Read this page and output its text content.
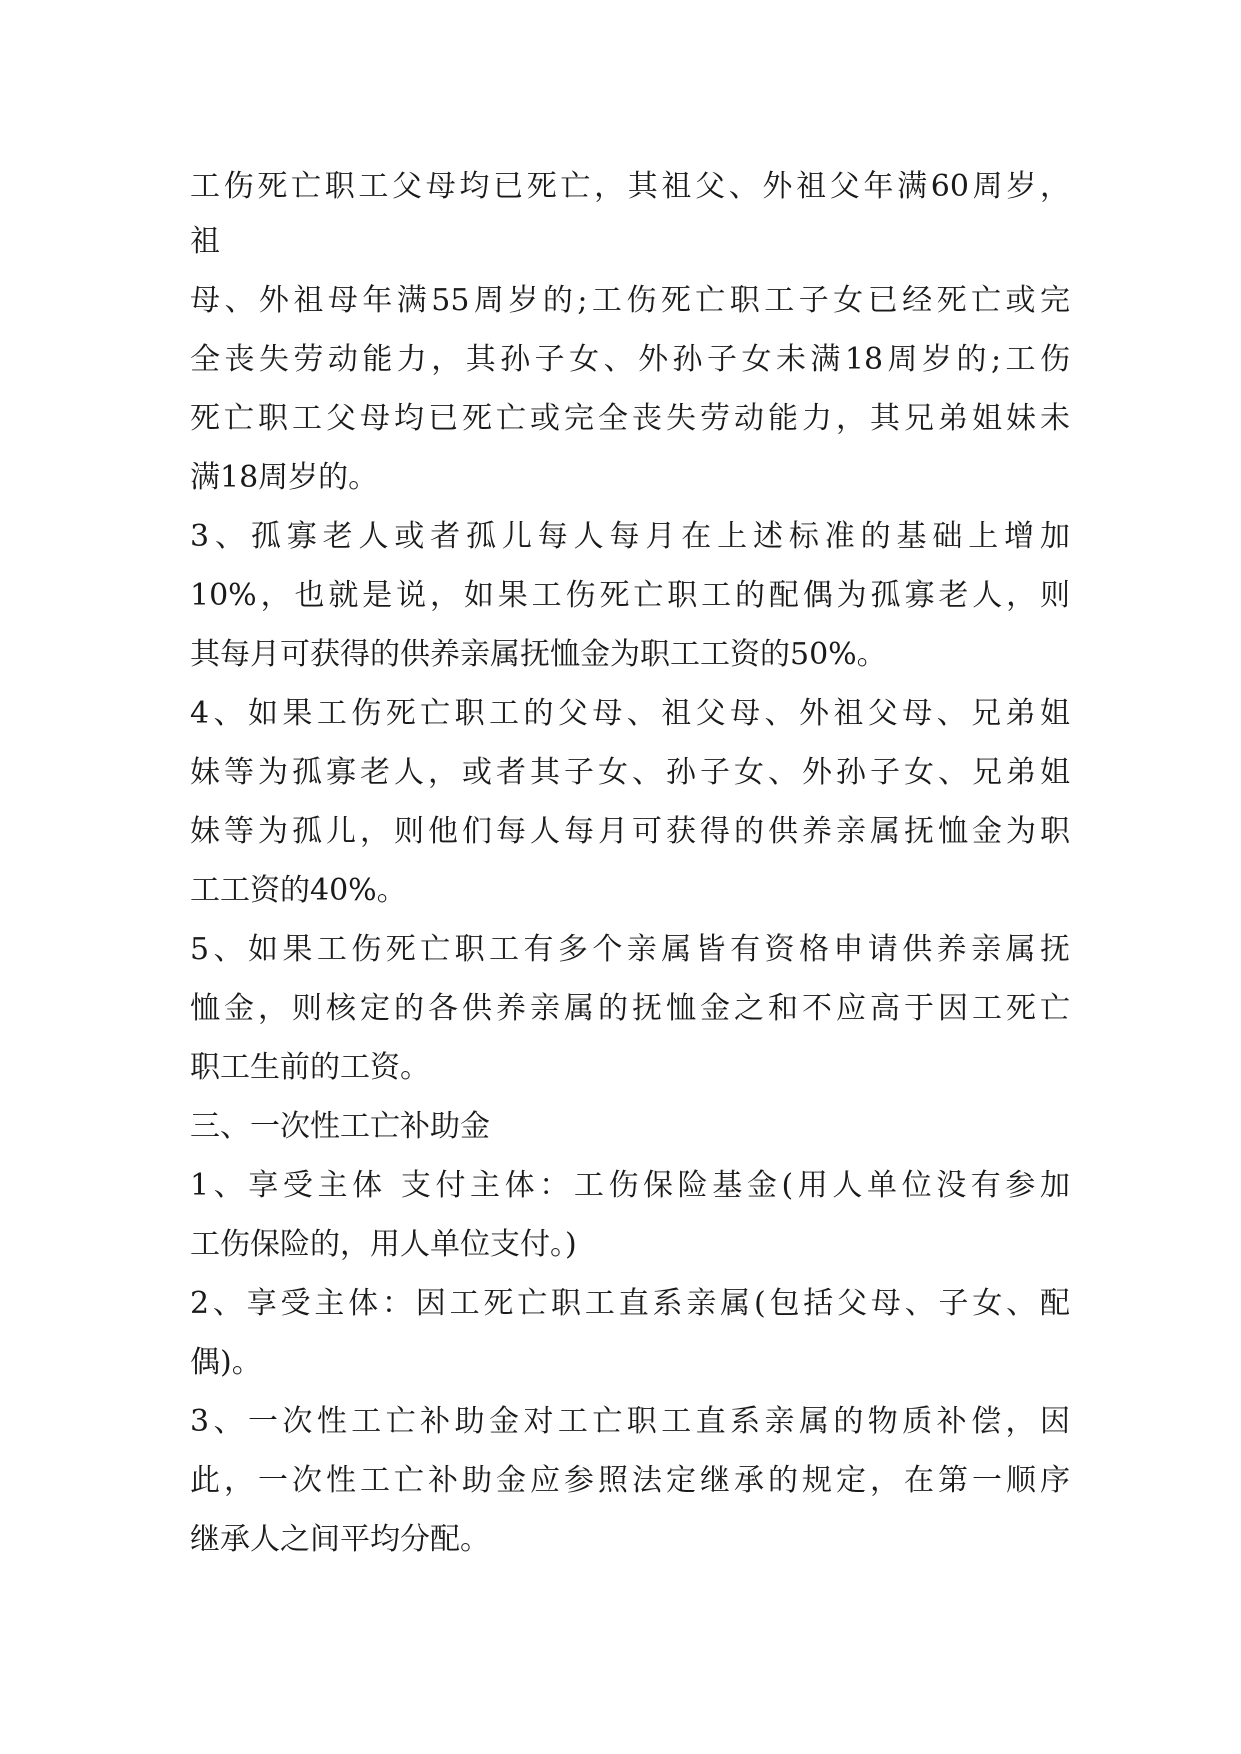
工伤死亡职工父母均已死亡，其祖父、外祖父年满60周岁，
祖
母、外祖母年满55周岁的;工伤死亡职工子女已经死亡或完
全丧失劳动能力，其孙子女、外孙子女未满18周岁的;工伤
死亡职工父母均已死亡或完全丧失劳动能力，其兄弟姐妹未
满18周岁的。
3、孤寡老人或者孤儿每人每月在上述标准的基础上增加
10%，也就是说，如果工伤死亡职工的配偶为孤寡老人，则
其每月可获得的供养亲属抚恤金为职工工资的50%。
4、如果工伤死亡职工的父母、祖父母、外祖父母、兄弟姐
妹等为孤寡老人，或者其子女、孙子女、外孙子女、兄弟姐
妹等为孤儿，则他们每人每月可获得的供养亲属抚恤金为职
工工资的40%。
5、如果工伤死亡职工有多个亲属皆有资格申请供养亲属抚
恤金，则核定的各供养亲属的抚恤金之和不应高于因工死亡
职工生前的工资。
三、一次性工亡补助金
1、享受主体 支付主体：工伤保险基金(用人单位没有参加
工伤保险的，用人单位支付。)
2、享受主体：因工死亡职工直系亲属(包括父母、子女、配
偶)。
3、一次性工亡补助金对工亡职工直系亲属的物质补偿，因
此，一次性工亡补助金应参照法定继承的规定，在第一顺序
继承人之间平均分配。
